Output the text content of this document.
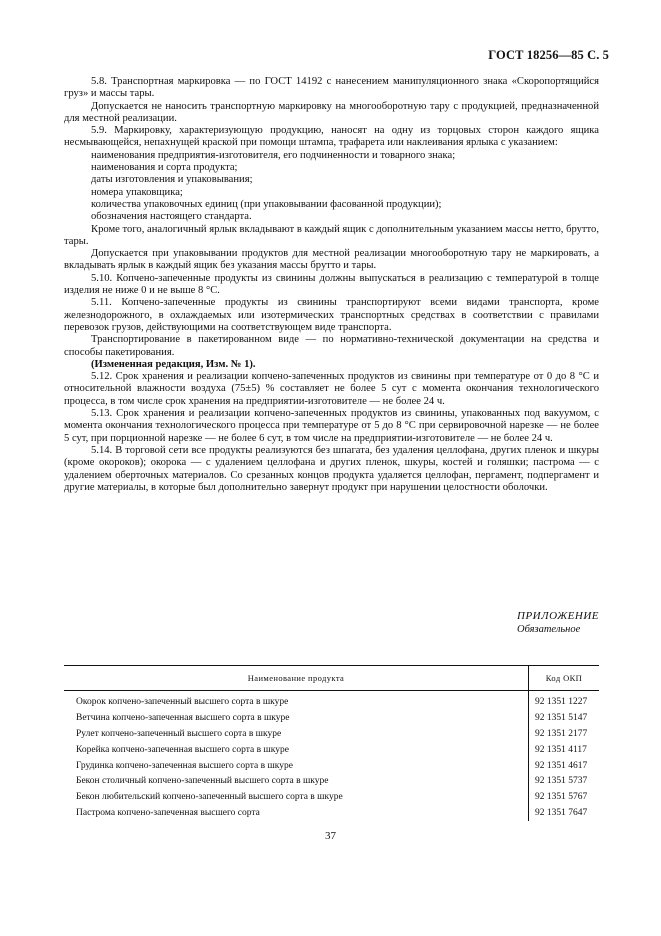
ГОСТ 18256—85 С. 5

5.8. Транспортная маркировка — по ГОСТ 14192 с нанесением манипуляционного знака «Скоропортящийся груз» и массы тары.

Допускается не наносить транспортную маркировку на многооборотную тару с продукцией, предназначенной для местной реализации.

5.9. Маркировку, характеризующую продукцию, наносят на одну из торцовых сторон каждого ящика несмывающейся, непахнущей краской при помощи штампа, трафарета или наклеивания ярлыка с указанием:

наименования предприятия-изготовителя, его подчиненности и товарного знака;

наименования и сорта продукта;

даты изготовления и упаковывания;

номера упаковщика;

количества упаковочных единиц (при упаковывании фасованной продукции);

обозначения настоящего стандарта.

Кроме того, аналогичный ярлык вкладывают в каждый ящик с дополнительным указанием массы нетто, брутто, тары.

Допускается при упаковывании продуктов для местной реализации многооборотную тару не маркировать, а вкладывать ярлык в каждый ящик без указания массы брутто и тары.

5.10. Копчено-запеченные продукты из свинины должны выпускаться в реализацию с температурой в толще изделия не ниже 0 и не выше 8 °С.

5.11. Копчено-запеченные продукты из свинины транспортируют всеми видами транспорта, кроме железнодорожного, в охлаждаемых или изотермических транспортных средствах в соответствии с правилами перевозок грузов, действующими на соответствующем виде транспорта.

Транспортирование в пакетированном виде — по нормативно-технической документации на средства и способы пакетирования.

(Измененная редакция, Изм. № 1).

5.12. Срок хранения и реализации копчено-запеченных продуктов из свинины при температуре от 0 до 8 °С и относительной влажности воздуха (75±5) % составляет не более 5 сут с момента окончания технологического процесса, в том числе срок хранения на предприятии-изготовителе — не более 24 ч.

5.13. Срок хранения и реализации копчено-запеченных продуктов из свинины, упакованных под вакуумом, с момента окончания технологического процесса при температуре от 5 до 8 °С при сервировочной нарезке — не более 5 сут, при порционной нарезке — не более 6 сут, в том числе на предприятии-изготовителе — не более 24 ч.

5.14. В торговой сети все продукты реализуются без шпагата, без удаления целлофана, других пленок и шкуры (кроме окороков); окорока — с удалением целлофана и других пленок, шкуры, костей и голяшки; пастрома — с удалением оберточных материалов. Со срезанных концов продукта удаляется целлофан, пергамент, подпергамент и другие материалы, в которые был дополнительно завернут продукт при нарушении целостности оболочки.

ПРИЛОЖЕНИЕ
Обязательное
Наименование продукта	Код ОКП
Окорок копчено-запеченный высшего сорта в шкуре	92 1351 1227
Ветчина копчено-запеченная высшего сорта в шкуре	92 1351 5147
Рулет копчено-запеченный высшего сорта в шкуре	92 1351 2177
Корейка копчено-запеченная высшего сорта в шкуре	92 1351 4117
Грудинка копчено-запеченная высшего сорта в шкуре	92 1351 4617
Бекон столичный копчено-запеченный высшего сорта в шкуре	92 1351 5737
Бекон любительский копчено-запеченный высшего сорта в шкуре	92 1351 5767
Пастрома копчено-запеченная высшего сорта	92 1351 7647
37
